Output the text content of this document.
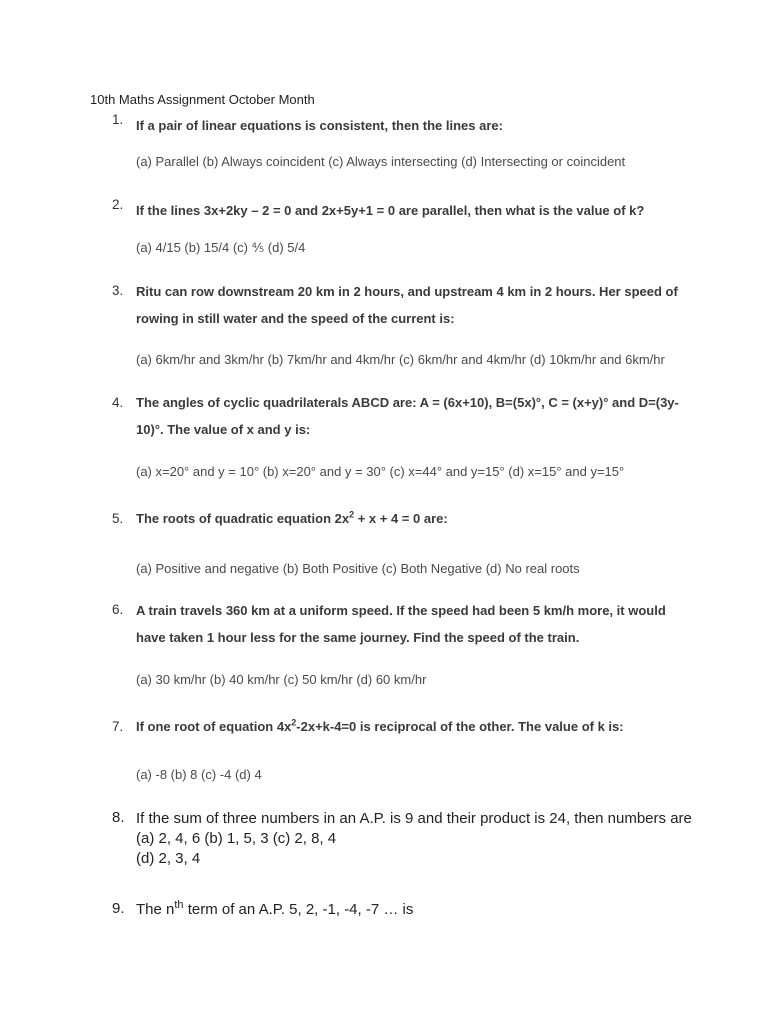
10th Maths Assignment October Month
1. If a pair of linear equations is consistent, then the lines are:
(a) Parallel (b) Always coincident (c) Always intersecting (d) Intersecting or coincident
2. If the lines 3x+2ky – 2 = 0 and 2x+5y+1 = 0 are parallel, then what is the value of k?
(a) 4/15 (b) 15/4 (c) ⅘ (d) 5/4
3. Ritu can row downstream 20 km in 2 hours, and upstream 4 km in 2 hours. Her speed of rowing in still water and the speed of the current is:
(a) 6km/hr and 3km/hr (b) 7km/hr and 4km/hr (c) 6km/hr and 4km/hr (d) 10km/hr and 6km/hr
4. The angles of cyclic quadrilaterals ABCD are: A = (6x+10), B=(5x)°, C = (x+y)° and D=(3y-10)°. The value of x and y is:
(a) x=20° and y = 10° (b) x=20° and y = 30° (c) x=44° and y=15° (d) x=15° and y=15°
5. The roots of quadratic equation $2x^2 + x + 4 = 0$ are:
(a) Positive and negative (b) Both Positive (c) Both Negative (d) No real roots
6. A train travels 360 km at a uniform speed. If the speed had been 5 km/h more, it would have taken 1 hour less for the same journey. Find the speed of the train.
(a) 30 km/hr (b) 40 km/hr (c) 50 km/hr (d) 60 km/hr
7. If one root of equation $4x^2-2x+k-4=0$ is reciprocal of the other. The value of k is:
(a) -8 (b) 8 (c) -4 (d) 4
8. If the sum of three numbers in an A.P. is 9 and their product is 24, then numbers are
(a) 2, 4, 6 (b) 1, 5, 3 (c) 2, 8, 4
(d) 2, 3, 4
9. The $n^{th}$ term of an A.P. 5, 2, -1, -4, -7 … is
